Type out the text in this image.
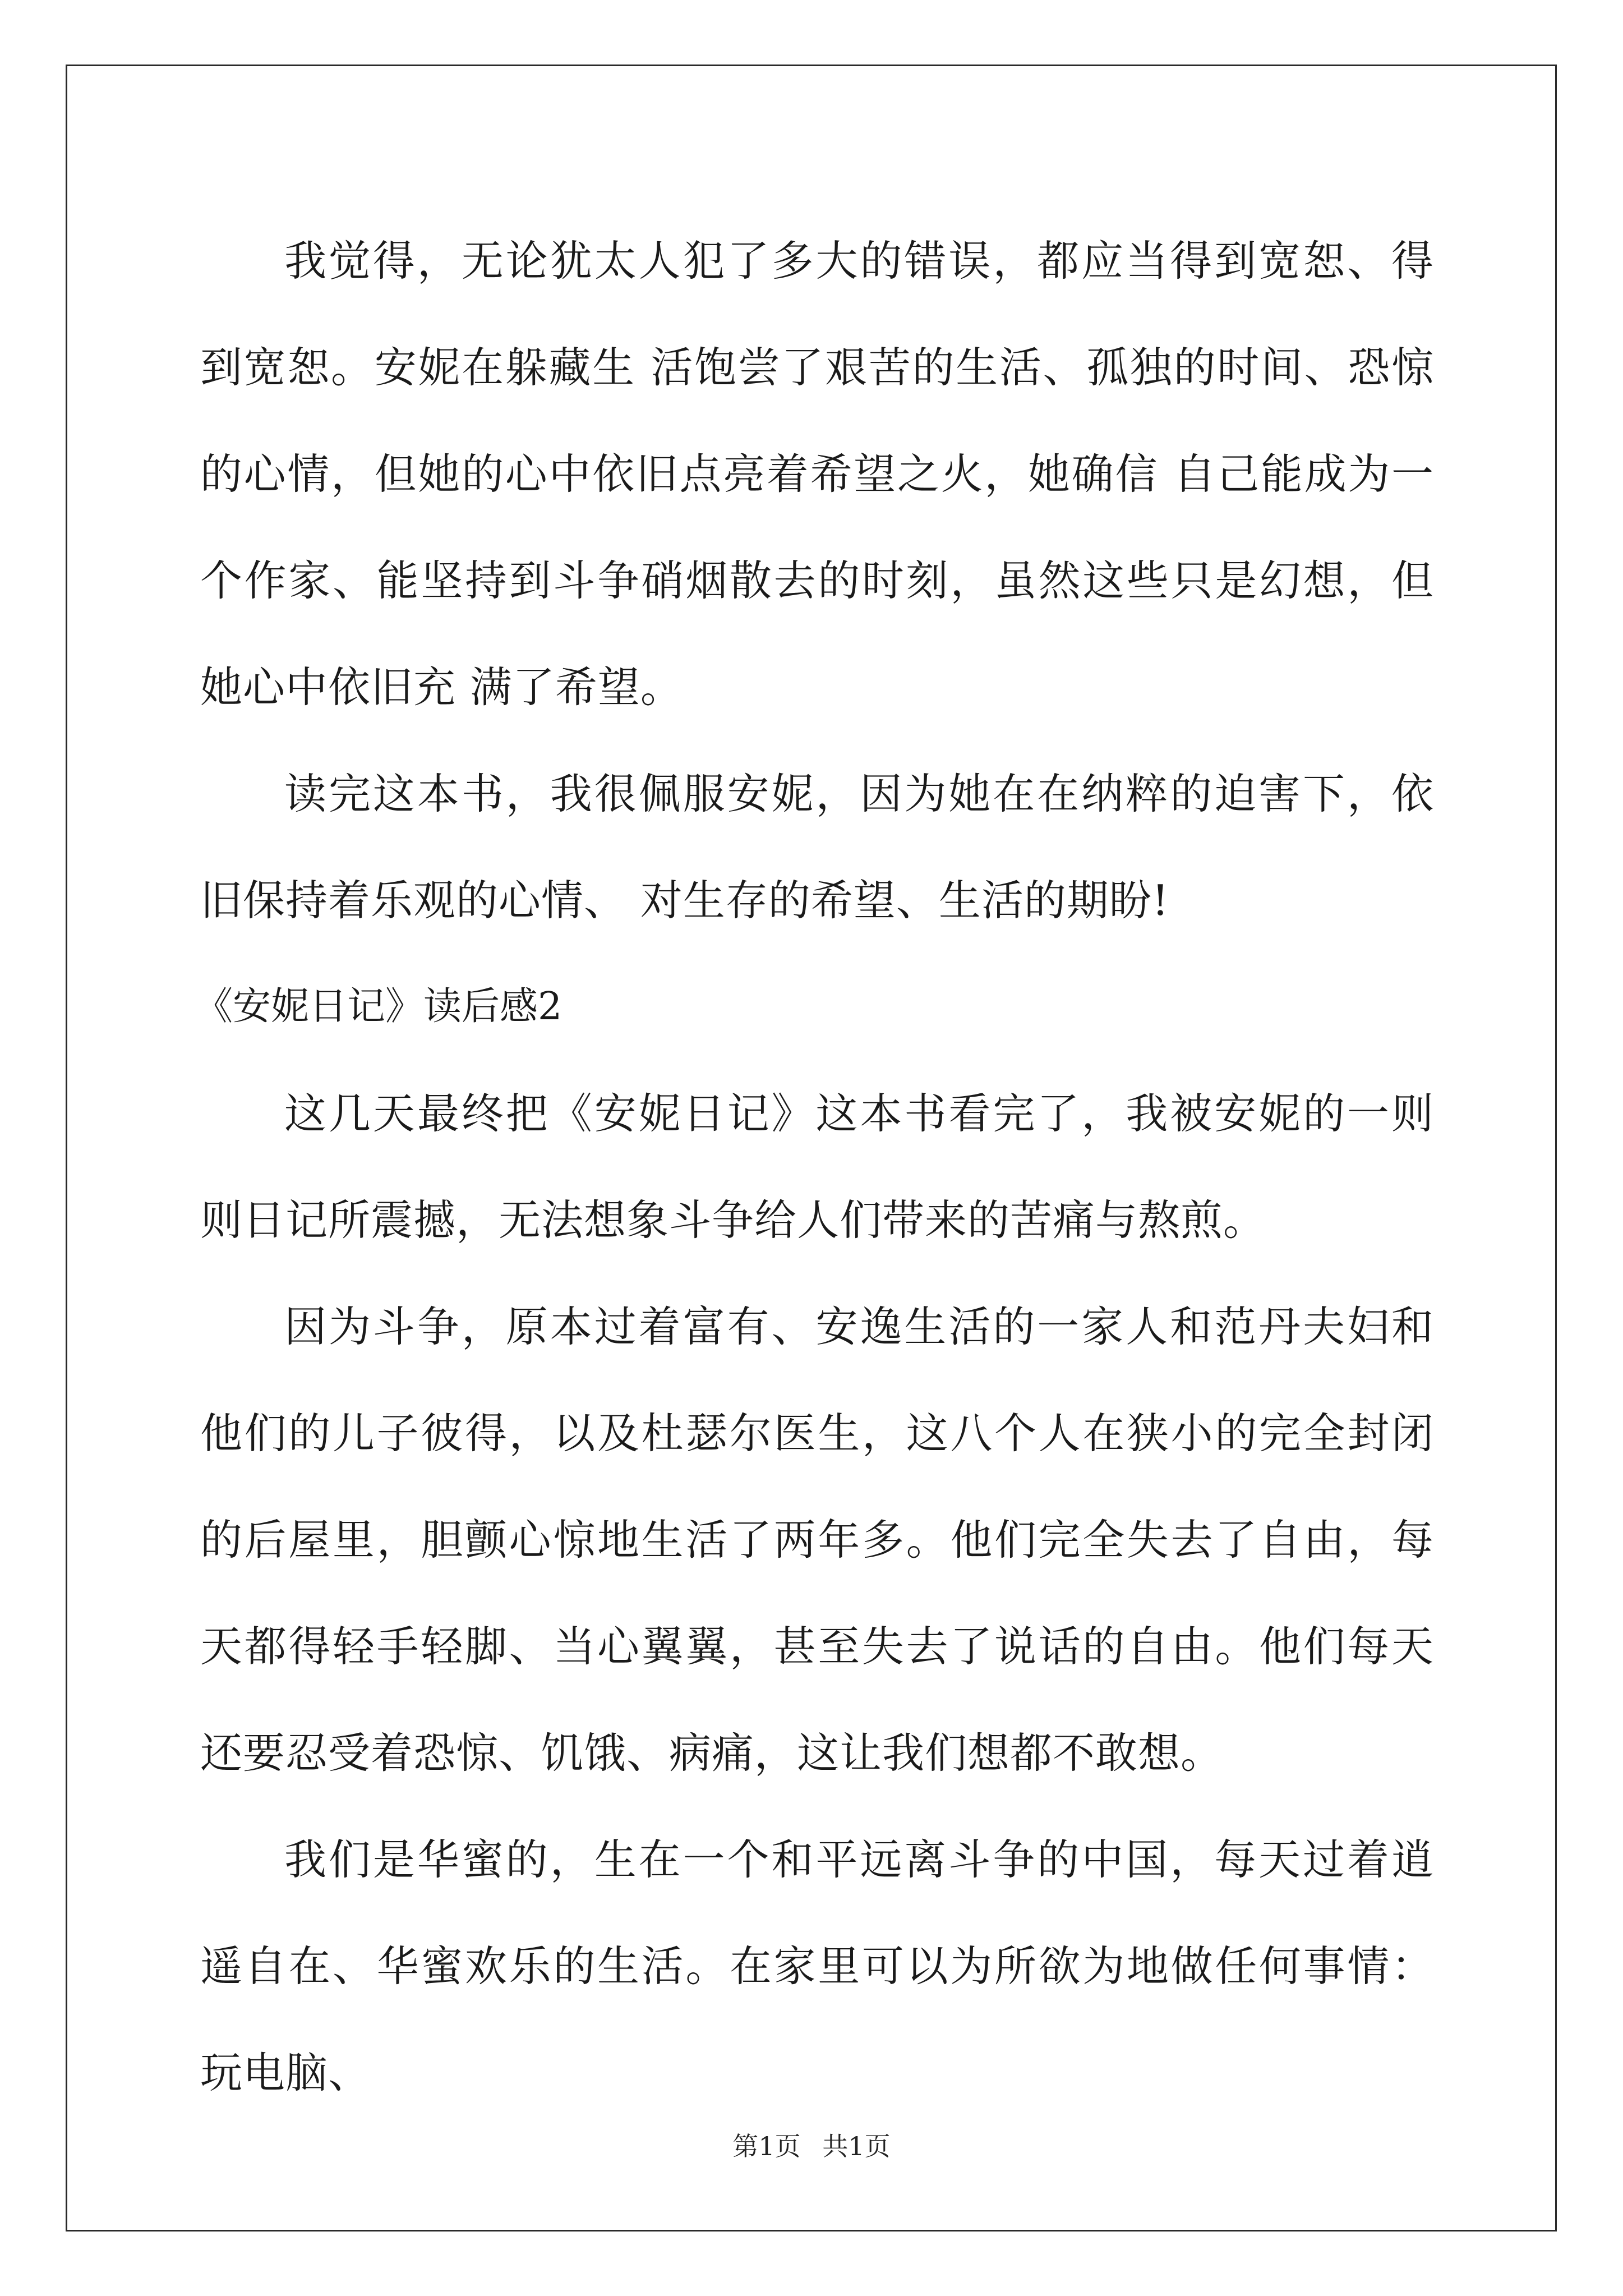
我觉得，无论犹太人犯了多大的错误，都应当得到宽恕、得到宽恕。安妮在躲藏生 活饱尝了艰苦的生活、孤独的时间、恐惊的心情，但她的心中依旧点亮着希望之火，她确信 自己能成为一个作家、能坚持到斗争硝烟散去的时刻，虽然这些只是幻想，但她心中依旧充 满了希望。

读完这本书，我很佩服安妮，因为她在在纳粹的迫害下，依旧保持着乐观的心情、 对生存的希望、生活的期盼!

《安妮日记》读后感2

这几天最终把《安妮日记》这本书看完了，我被安妮的一则则日记所震撼，无法想象斗争给人们带来的苦痛与熬煎。

因为斗争，原本过着富有、安逸生活的一家人和范丹夫妇和他们的儿子彼得，以及杜瑟尔医生，这八个人在狭小的完全封闭的后屋里，胆颤心惊地生活了两年多。他们完全失去了自由，每天都得轻手轻脚、当心翼翼，甚至失去了说话的自由。他们每天还要忍受着恐惊、饥饿、病痛，这让我们想都不敢想。

我们是华蜜的，生在一个和平远离斗争的中国，每天过着逍遥自在、华蜜欢乐的生活。在家里可以为所欲为地做任何事情：玩电脑、

第1页 共1页
